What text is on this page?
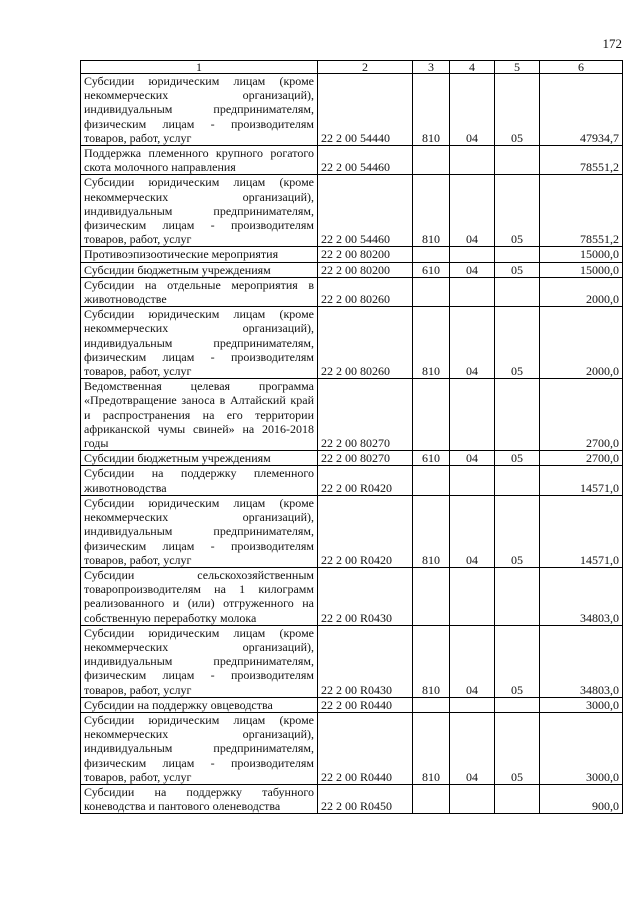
172
1	2	3	4	5	6
Субсидии юридическим лицам (кроме некоммерческих организаций), индивидуальным предпринимателям, физическим лицам - производителям товаров, работ, услуг	22 2 00 54440	810	04	05	47934,7
Поддержка племенного крупного рогатого скота молочного направления	22 2 00 54460				78551,2
Субсидии юридическим лицам (кроме некоммерческих организаций), индивидуальным предпринимателям, физическим лицам - производителям товаров, работ, услуг	22 2 00 54460	810	04	05	78551,2
Противоэпизоотические мероприятия	22 2 00 80200				15000,0
Субсидии бюджетным учреждениям	22 2 00 80200	610	04	05	15000,0
Субсидии на отдельные мероприятия в животноводстве	22 2 00 80260				2000,0
Субсидии юридическим лицам (кроме некоммерческих организаций), индивидуальным предпринимателям, физическим лицам - производителям товаров, работ, услуг	22 2 00 80260	810	04	05	2000,0
Ведомственная целевая программа «Предотвращение заноса в Алтайский край и распространения на его территории африканской чумы свиней» на 2016-2018 годы	22 2 00 80270				2700,0
Субсидии бюджетным учреждениям	22 2 00 80270	610	04	05	2700,0
Субсидии на поддержку племенного животноводства	22 2 00 R0420				14571,0
Субсидии юридическим лицам (кроме некоммерческих организаций), индивидуальным предпринимателям, физическим лицам - производителям товаров, работ, услуг	22 2 00 R0420	810	04	05	14571,0
Субсидии сельскохозяйственным товаропроизводителям на 1 килограмм реализованного и (или) отгруженного на собственную переработку молока	22 2 00 R0430				34803,0
Субсидии юридическим лицам (кроме некоммерческих организаций), индивидуальным предпринимателям, физическим лицам - производителям товаров, работ, услуг	22 2 00 R0430	810	04	05	34803,0
Субсидии на поддержку овцеводства	22 2 00 R0440				3000,0
Субсидии юридическим лицам (кроме некоммерческих организаций), индивидуальным предпринимателям, физическим лицам - производителям товаров, работ, услуг	22 2 00 R0440	810	04	05	3000,0
Субсидии на поддержку табунного коневодства и пантового оленеводства	22 2 00 R0450				900,0
